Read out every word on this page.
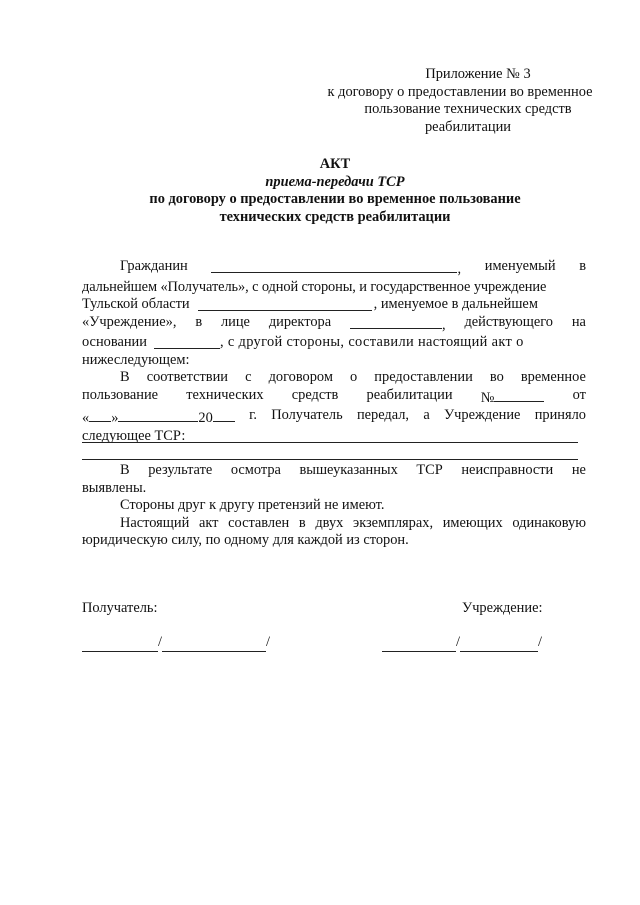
Приложение № 3
к договору о предоставлении во временное
пользование технических средств
реабилитации
АКТ
приема-передачи ТСР
по договору о предоставлении во временное пользование
технических средств реабилитации
Гражданин	, именуемый в
дальнейшем «Получатель», с одной стороны, и государственное учреждение
Тульской области	, именуемое в дальнейшем
«Учреждение», в лице директора	, действующего на
основании	, с другой стороны, составили настоящий акт о
нижеследующем:
В соответствии с договором о предоставлении во временное
пользование технических средств реабилитации №	от
« »	20	г. Получатель передал, а Учреждение приняло
следующее ТСР:
В результате осмотра вышеуказанных ТСР неисправности не
выявлены.
Стороны друг к другу претензий не имеют.
Настоящий акт составлен в двух экземплярах, имеющих одинаковую
юридическую силу, по одному для каждой из сторон.
Получатель:	Учреждение:
/	/	/	/
